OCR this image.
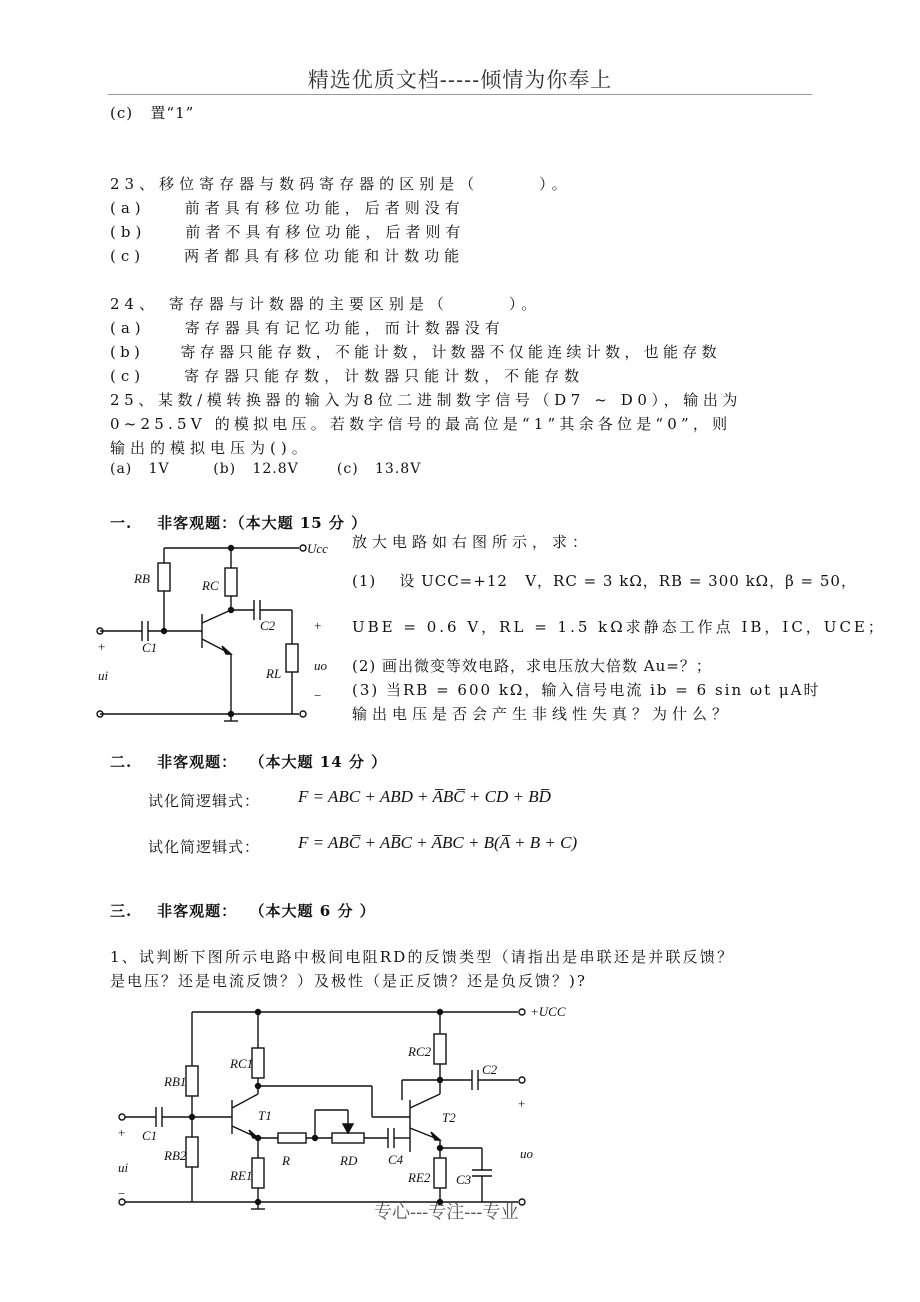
精选优质文档-----倾情为你奉上
(c)   置“1”
23、移位寄存器与数码寄存器的区别是（　　　）。
(a)    前者具有移位功能，后者则没有
(b)    前者不具有移位功能，后者则有
(c)    两者都具有移位功能和计数功能
24、 寄存器与计数器的主要区别是（　　　）。
(a)    寄存器具有记忆功能，而计数器没有
(b)    寄存器只能存数，不能计数，计数器不仅能连续计数，也能存数
(c)    寄存器只能存数，计数器只能计数，不能存数
25、某数/模转换器的输入为8位二进制数字信号（D7 ~ D0），输出为
0~25.5V 的模拟电压。若数字信号的最高位是“1”其余各位是“0”，则
输出的模拟电压为()。
(a)   1V        (b)   12.8V       (c)   13.8V
一.    非客观题：（本大题 15 分 ）
Ucc
RB	RC
C1
C2
RL
ui
uo
+
+
−
放大电路如右图所示，求：
(1)    设 UCC=+12   V，RC = 3 kΩ，RB = 300 kΩ，β = 50，
UBE = 0.6 V，RL = 1.5 kΩ求静态工作点 IB，IC，UCE；
(2) 画出微变等效电路，求电压放大倍数 Au=？；
(3) 当RB = 600 kΩ，输入信号电流 ib = 6 sin ωt μA时
输出电压是否会产生非线性失真？为什么？
二.    非客观题：  （本大题 14 分 ）
试化简逻辑式： F = ABC + ABD + A̅BC̅ + CD + BD̅
试化简逻辑式： F = ABC̅ + AB̅C + A̅BC + B(A̅ + B + C)
三.    非客观题：  （本大题 6 分 ）
1、试判断下图所示电路中极间电阻RD的反馈类型（请指出是串联还是并联反馈？
是电压？还是电流反馈？）及极性（是正反馈？还是负反馈？)?
+UCC
RC1
RC2
RB1
RB2
RE1	RE2
T1	T2
R	RD
C1
C2
C3
C4
ui
uo
+
+
−
专心---专注---专业
